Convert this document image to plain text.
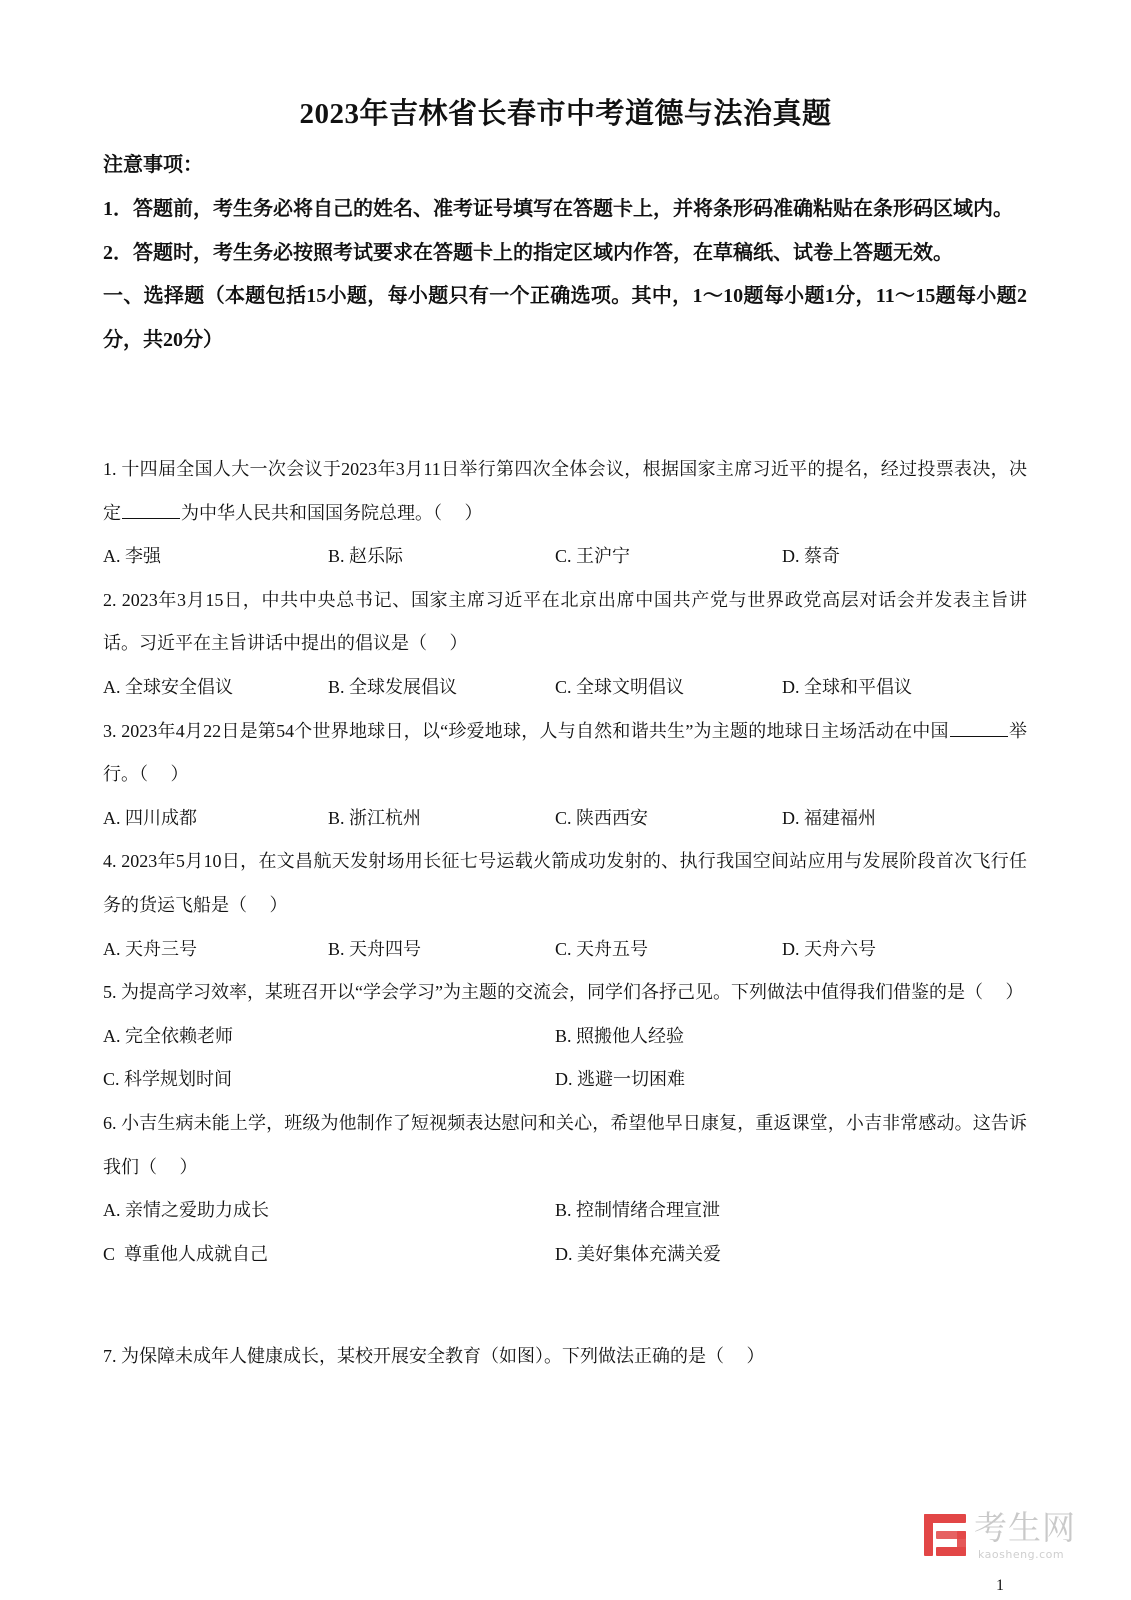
2023年吉林省长春市中考道德与法治真题

注意事项：

1．答题前，考生务必将自己的姓名、准考证号填写在答题卡上，并将条形码准确粘贴在条形码区域内。

2．答题时，考生务必按照考试要求在答题卡上的指定区域内作答，在草稿纸、试卷上答题无效。

一、选择题（本题包括15小题，每小题只有一个正确选项。其中，1～10题每小题1分，11～15题每小题2分，共20分）

1. 十四届全国人大一次会议于2023年3月11日举行第四次全体会议，根据国家主席习近平的提名，经过投票表决，决定	为中华人民共和国国务院总理。（　 ）

A. 李强	B. 赵乐际	C. 王沪宁	D. 蔡奇

2. 2023年3月15日，中共中央总书记、国家主席习近平在北京出席中国共产党与世界政党高层对话会并发表主旨讲话。习近平在主旨讲话中提出的倡议是（　 ）

A. 全球安全倡议	B. 全球发展倡议	C. 全球文明倡议	D. 全球和平倡议

3. 2023年4月22日是第54个世界地球日，以“珍爱地球，人与自然和谐共生”为主题的地球日主场活动在中国	举行。（　 ）

A. 四川成都	B. 浙江杭州	C. 陕西西安	D. 福建福州

4. 2023年5月10日，在文昌航天发射场用长征七号运载火箭成功发射的、执行我国空间站应用与发展阶段首次飞行任务的货运飞船是（　 ）

A. 天舟三号	B. 天舟四号	C. 天舟五号	D. 天舟六号

5. 为提高学习效率，某班召开以“学会学习”为主题的交流会，同学们各抒己见。下列做法中值得我们借鉴的是（　 ）

A. 完全依赖老师	B. 照搬他人经验
C. 科学规划时间	D. 逃避一切困难

6. 小吉生病未能上学，班级为他制作了短视频表达慰问和关心，希望他早日康复，重返课堂，小吉非常感动。这告诉我们（　 ）

A. 亲情之爱助力成长	B. 控制情绪合理宣泄
C  尊重他人成就自己	D. 美好集体充满关爱

7. 为保障未成年人健康成长，某校开展安全教育（如图）。下列做法正确的是（　 ）

考生网
kaosheng.com
1
